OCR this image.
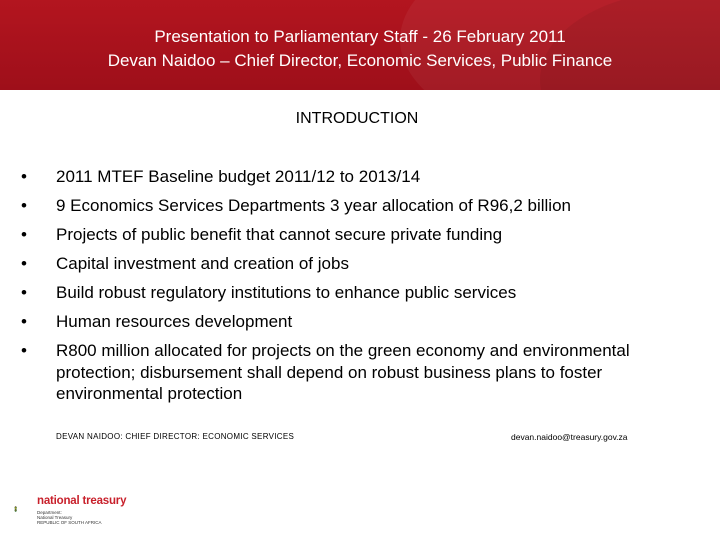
Presentation to Parliamentary Staff - 26 February 2011
Devan Naidoo – Chief Director, Economic Services, Public Finance
INTRODUCTION
•	2011 MTEF Baseline budget 2011/12 to 2013/14
•	9 Economics Services Departments 3 year allocation of R96,2 billion
•	Projects of public benefit that cannot secure private funding
•	Capital investment and creation of jobs
•	Build robust regulatory institutions to enhance public services
•	Human resources development
•	R800 million allocated for projects on the green economy and environmental protection; disbursement shall depend on robust business plans to foster environmental protection
DEVAN NAIDOO: CHIEF DIRECTOR: ECONOMIC SERVICES	devan.naidoo@treasury.gov.za
national treasury
Department:
National Treasury
REPUBLIC OF SOUTH AFRICA
